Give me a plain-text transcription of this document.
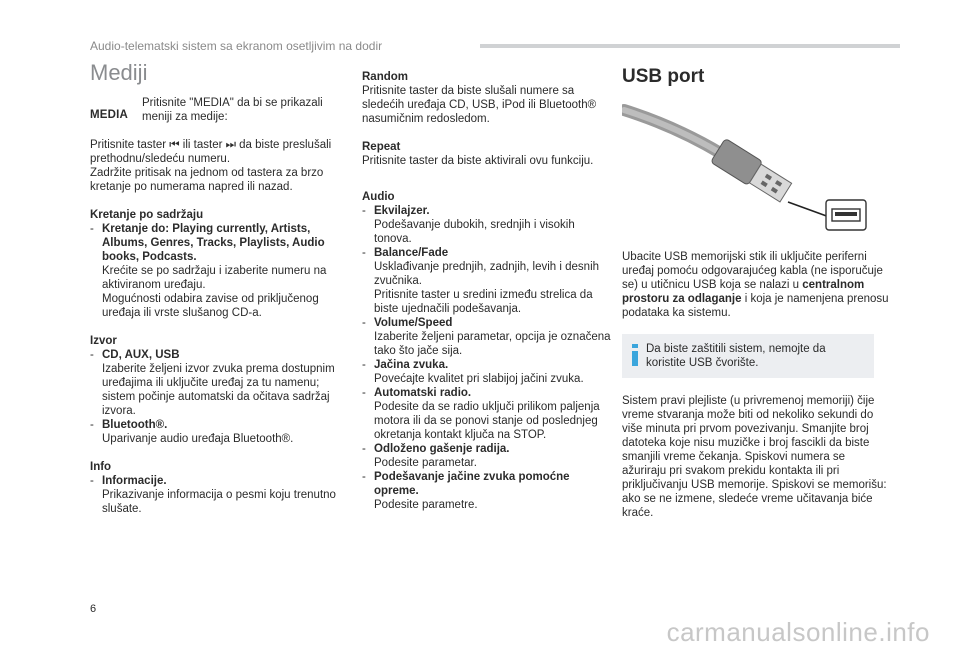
Audio-telematski sistem sa ekranom osetljivim na dodir
Mediji
MEDIA
Pritisnite "MEDIA" da bi se prikazali meniji za medije:

Pritisnite taster ⏮ ili taster ⏭ da biste preslušali prethodnu/sledeću numeru.

Zadržite pritisak na jednom od tastera za brzo kretanje po numerama napred ili nazad.

Kretanje po sadržaju

- Kretanje do: Playing currently, Artists, Albums, Genres, Tracks, Playlists, Audio books, Podcasts.

Krećite se po sadržaju i izaberite numeru na aktiviranom uređaju.

Mogućnosti odabira zavise od priključenog uređaja ili vrste slušanog CD-a.

Izvor

- CD, AUX, USB

Izaberite željeni izvor zvuka prema dostupnim uređajima ili uključite uređaj za tu namenu; sistem počinje automatski da očitava sadržaj izvora.

- Bluetooth®.

Uparivanje audio uređaja Bluetooth®.

Info

- Informacije.

Prikazivanje informacija o pesmi koju trenutno slušate.

Random

Pritisnite taster da biste slušali numere sa sledećih uređaja CD, USB, iPod ili Bluetooth® nasumičnim redosledom.

Repeat

Pritisnite taster da biste aktivirali ovu funkciju.

Audio

- Ekvilajzer.

Podešavanje dubokih, srednjih i visokih tonova.

- Balance/Fade

Usklađivanje prednjih, zadnjih, levih i desnih zvučnika.

Pritisnite taster u sredini između strelica da biste ujednačili podešavanja.

- Volume/Speed

Izaberite željeni parametar, opcija je označena tako što jače sija.

- Jačina zvuka.

Povećajte kvalitet pri slabijoj jačini zvuka.

- Automatski radio.

Podesite da se radio uključi prilikom paljenja motora ili da se ponovi stanje od poslednjeg okretanja kontakt ključa na STOP.

- Odloženo gašenje radija.

Podesite parametar.

- Podešavanje jačine zvuka pomoćne opreme.

Podesite parametre.

USB port

Ubacite USB memorijski stik ili uključite periferni uređaj pomoću odgovarajućeg kabla (ne isporučuje se) u utičnicu USB koja se nalazi u centralnom prostoru za odlaganje i koja je namenjena prenosu podataka ka sistemu.

Da biste zaštitili sistem, nemojte da koristite USB čvorište.

Sistem pravi plejliste (u privremenoj memoriji) čije vreme stvaranja može biti od nekoliko sekundi do više minuta pri prvom povezivanju. Smanjite broj datoteka koje nisu muzičke i broj fascikli da biste smanjili vreme čekanja. Spiskovi numera se ažuriraju pri svakom prekidu kontakta ili pri priključivanju USB memorije. Spiskovi se memorišu: ako se ne izmene, sledeće vreme učitavanja biće kraće.

6
carmanualsonline.info
